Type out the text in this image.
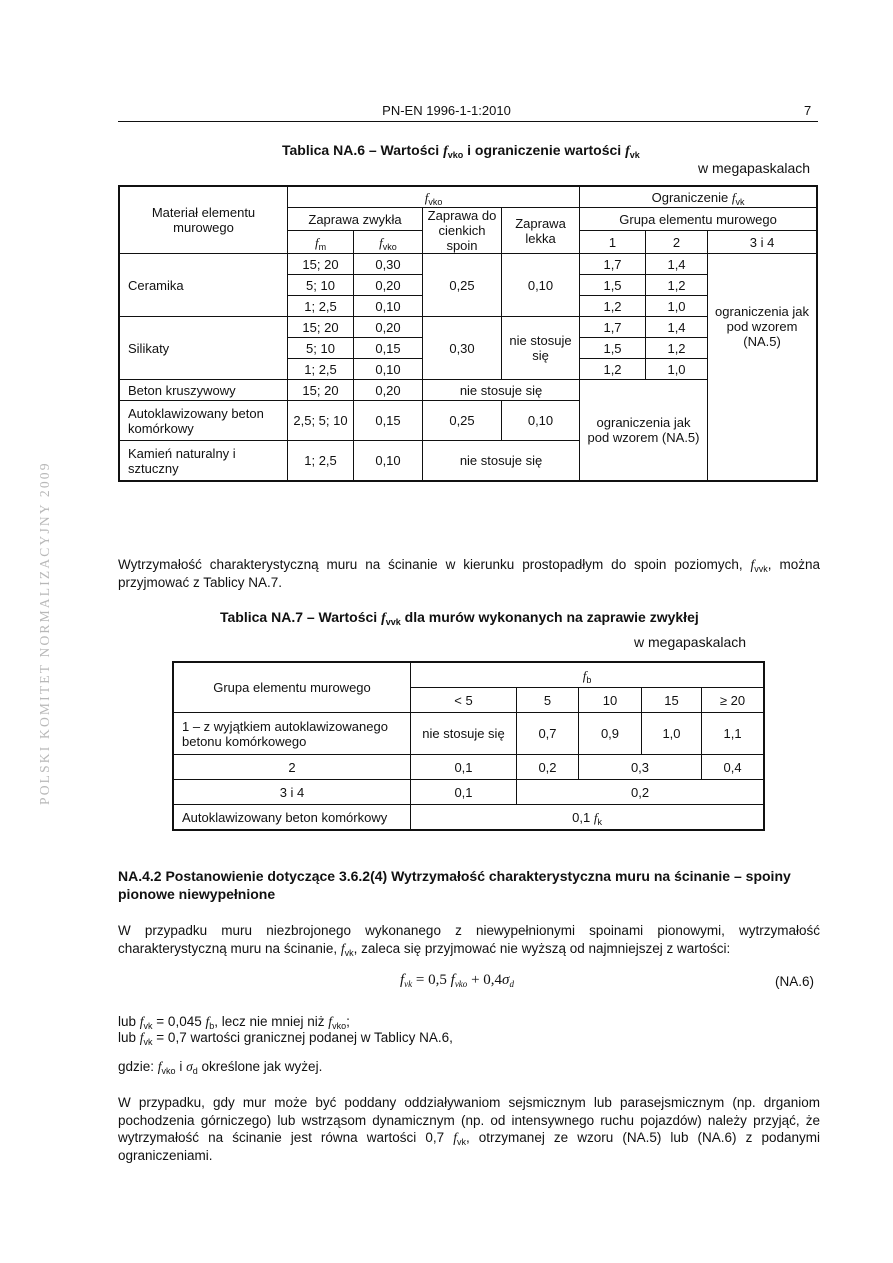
PN-EN 1996-1-1:2010	7
POLSKI KOMITET NORMALIZACYJNY 2009
Tablica NA.6 – Wartości $f_{vko}$ i ograniczenie wartości $f_{vk}$
w megapaskalach
Materiał elementu murowego	$f_{vko}$				Ograniczenie $f_{vk}$
	Zaprawa zwykła		Zaprawa do cienkich spoin	Zaprawa lekka	Grupa elementu murowego		
	$f_m$	$f_{vko}$			1	2	3 i 4
Ceramika	15; 20	0,30	0,25	0,10	1,7	1,4	ograniczenia jak pod wzorem (NA.5)
	5; 10	0,20			1,5	1,2	
	1; 2,5	0,10			1,2	1,0	
Silikaty	15; 20	0,20	0,30	nie stosuje się	1,7	1,4	
	5; 10	0,15			1,5	1,2	
	1; 2,5	0,10			1,2	1,0	
Beton kruszywowy	15; 20	0,20	nie stosuje się		ograniczenia jak pod wzorem (NA.5)		
Autoklawizowany beton komórkowy	2,5; 5; 10	0,15	0,25	0,10			
Kamień naturalny i sztuczny	1; 2,5	0,10	nie stosuje się				
Wytrzymałość charakterystyczną muru na ścinanie w kierunku prostopadłym do spoin poziomych, $f_{vvk}$, można przyjmować z Tablicy NA.7.
Tablica NA.7 – Wartości $f_{vvk}$ dla murów wykonanych na zaprawie zwykłej
w megapaskalach
Grupa elementu murowego	$f_b$
	< 5	5	10	15	≥ 20
1 – z wyjątkiem autoklawizowanego betonu komórkowego	nie stosuje się	0,7	0,9	1,0	1,1
2	0,1	0,2	0,3		0,4
3 i 4	0,1	0,2			
Autoklawizowany beton komórkowy	0,1 $f_k$
NA.4.2 Postanowienie dotyczące 3.6.2(4) Wytrzymałość charakterystyczna muru na ścinanie – spoiny pionowe niewypełnione
W przypadku muru niezbrojonego wykonanego z niewypełnionymi spoinami pionowymi, wytrzymałość charakterystyczną muru na ścinanie, $f_{vk}$, zaleca się przyjmować nie wyższą od najmniejszej z wartości:
$f_{vk} = 0,5$ $f_{vko} + 0,4\sigma_d$	(NA.6)
lub $f_{vk} = 0,045$ $f_b$, lecz nie mniej niż $f_{vko}$;
lub $f_{vk} = 0,7$ wartości granicznej podanej w Tablicy NA.6,
gdzie: $f_{vko}$ i $\sigma_d$ określone jak wyżej.
W przypadku, gdy mur może być poddany oddziaływaniom sejsmicznym lub parasejsmicznym (np. drganiom pochodzenia górniczego) lub wstrząsom dynamicznym (np. od intensywnego ruchu pojazdów) należy przyjąć, że wytrzymałość na ścinanie jest równa wartości 0,7 $f_{vk}$, otrzymanej ze wzoru (NA.5) lub (NA.6) z podanymi ograniczeniami.
